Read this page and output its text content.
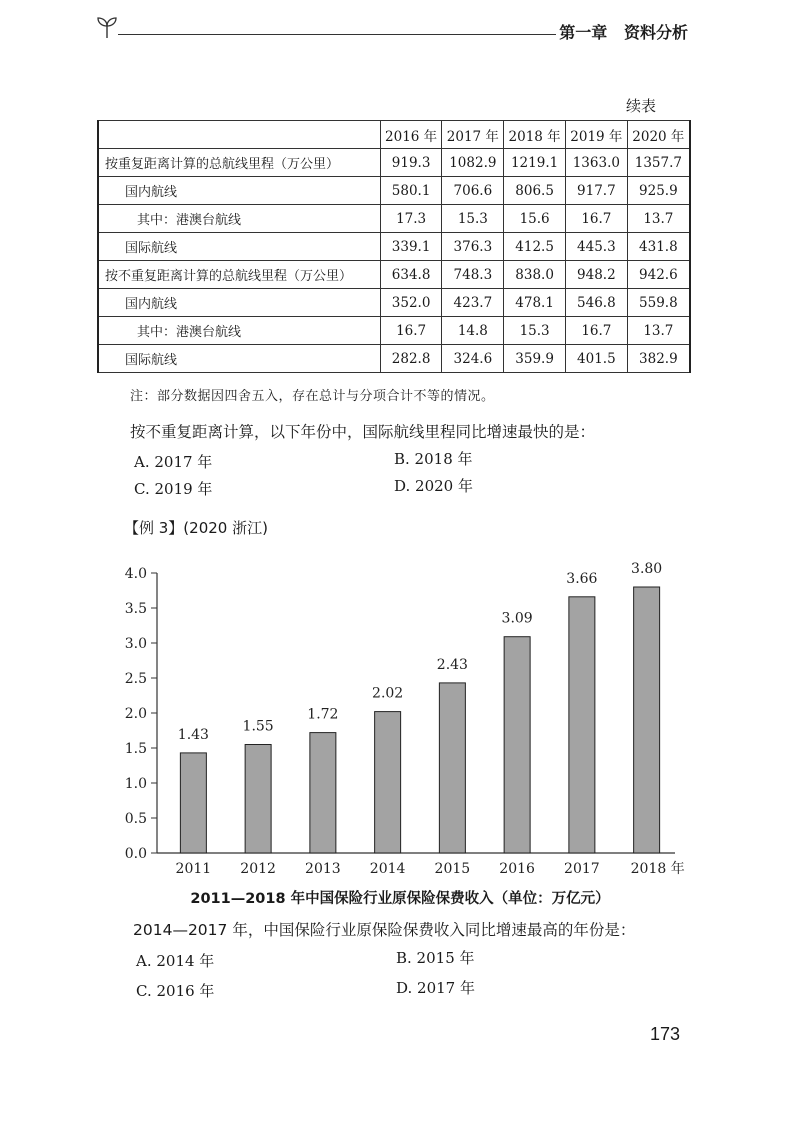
第一章 资料分析
续表
	2016 年	2017 年	2018 年	2019 年	2020 年
按重复距离计算的总航线里程（万公里）	919.3	1082.9	1219.1	1363.0	1357.7
国内航线	580.1	706.6	806.5	917.7	925.9
其中：港澳台航线	17.3	15.3	15.6	16.7	13.7
国际航线	339.1	376.3	412.5	445.3	431.8
按不重复距离计算的总航线里程（万公里）	634.8	748.3	838.0	948.2	942.6
国内航线	352.0	423.7	478.1	546.8	559.8
其中：港澳台航线	16.7	14.8	15.3	16.7	13.7
国际航线	282.8	324.6	359.9	401.5	382.9
注：部分数据因四舍五入，存在总计与分项合计不等的情况。
按不重复距离计算，以下年份中，国际航线里程同比增速最快的是：
A. 2017 年	B. 2018 年
C. 2019 年	D. 2020 年
【例 3】(2020 浙江)
0.0
0.5
1.0
1.5
2.0
2.5
3.0
3.5
4.0
1.43
1.55
1.72
2.02
2.43
3.09
3.66
3.80
2011 2012 2013 2014 2015 2016 2017 2018 年
2011—2018 年中国保险行业原保险保费收入（单位：万亿元）
2014—2017 年，中国保险行业原保险保费收入同比增速最高的年份是：
A. 2014 年	B. 2015 年
C. 2016 年	D. 2017 年
173
